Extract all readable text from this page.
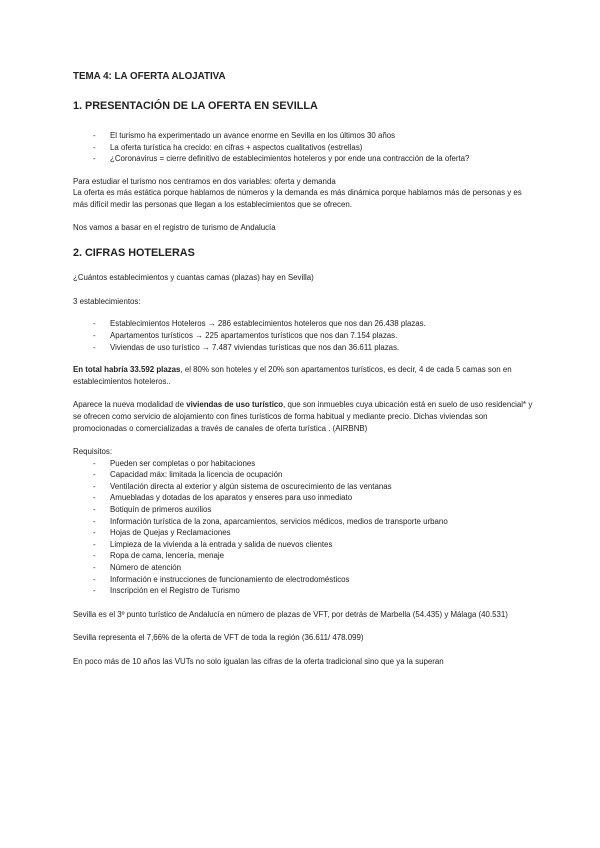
TEMA 4: LA OFERTA ALOJATIVA
1. PRESENTACIÓN DE LA OFERTA EN SEVILLA
- El turismo ha experimentado un avance enorme en Sevilla en los últimos 30 años
- La oferta turística ha crecido: en cifras + aspectos cualitativos (estrellas)
- ¿Coronavirus = cierre definitivo de establecimientos hoteleros y por ende una contracción de la oferta?

Para estudiar el turismo nos centramos en dos variables: oferta y demanda

La oferta es más estática porque hablamos de números y la demanda es más dinámica porque hablamos más de personas y es más difícil medir las personas que llegan a los establecimientos que se ofrecen.

Nos vamos a basar en el registro de turismo de Andalucía

2. CIFRAS HOTELERAS

¿Cuántos establecimientos y cuantas camas (plazas) hay en Sevilla)

3 establecimientos:

- Establecimientos Hoteleros → 286 establecimientos hoteleros que nos dan 26.438 plazas.
- Apartamentos turísticos → 225 apartamentos turísticos que nos dan 7.154 plazas.
- Viviendas de uso turístico → 7.487 viviendas turísticas que nos dan 36.611 plazas.

En total habría 33.592 plazas, el 80% son hoteles y el 20% son apartamentos turísticos, es decir, 4 de cada 5 camas son en establecimientos hoteleros..

Aparece la nueva modalidad de viviendas de uso turístico, que son inmuebles cuya ubicación está en suelo de uso residencial* y se ofrecen como servicio de alojamiento con fines turísticos de forma habitual y mediante precio. Dichas viviendas son promocionadas o comercializadas a través de canales de oferta turística . (AIRBNB)

Requisitos:

- Pueden ser completas o por habitaciones
- Capacidad máx: limitada la licencia de ocupación
- Ventilación directa al exterior y algún sistema de oscurecimiento de las ventanas
- Amuebladas y dotadas de los aparatos y enseres para uso inmediato
- Botiquín de primeros auxilios
- Información turística de la zona, aparcamientos, servicios médicos, medios de transporte urbano
- Hojas de Quejas y Reclamaciones
- Limpieza de la vivienda a la entrada y salida de nuevos clientes
- Ropa de cama, lencería, menaje
- Número de atención
- Información e instrucciones de funcionamiento de electrodomésticos
- Inscripción en el Registro de Turismo

Sevilla es el 3º punto turístico de Andalucía en número de plazas de VFT, por detrás de Marbella (54.435) y Málaga (40.531)

Sevilla representa el 7,66% de la oferta de VFT de toda la región (36.611/ 478.099)

En poco más de 10 años las VUTs no solo igualan las cifras de la oferta tradicional sino que ya la superan
